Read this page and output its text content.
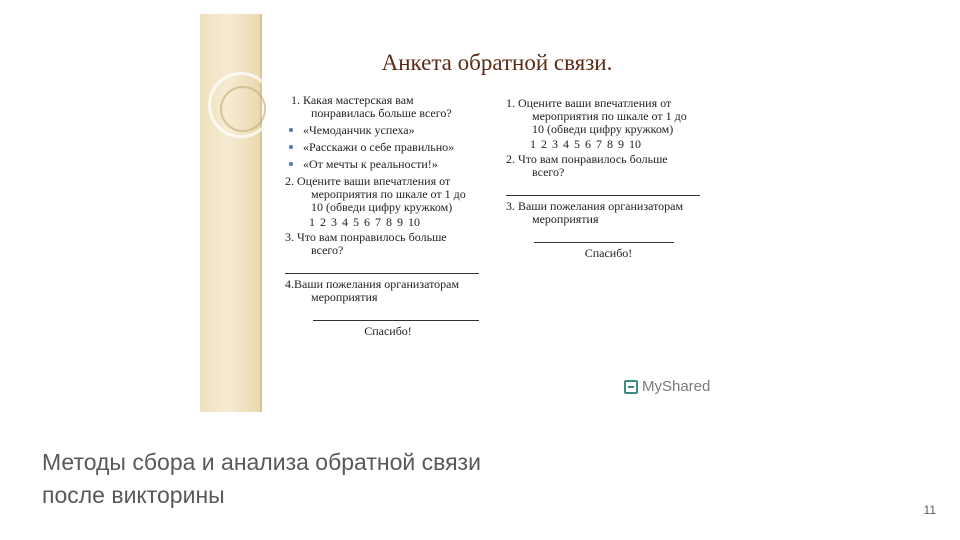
Анкета обратной связи.
1. Какая мастерская вам
понравилась больше всего?
«Чемоданчик успеха»
«Расскажи о себе правильно»
«От мечты к реальности!»
2. Оцените ваши впечатления от
мероприятия по шкале от 1 до
10 (обведи цифру кружком)
1 2 3 4 5 6 7 8 9 10
3. Что вам понравилось больше
всего?
4.Ваши пожелания организаторам
мероприятия
Спасибо!
1. Оцените ваши впечатления от
мероприятия по шкале от 1 до
10 (обведи цифру кружком)
1 2 3 4 5 6 7 8 9 10
2. Что вам понравилось больше
всего?
3. Ваши пожелания организаторам
мероприятия
Спасибо!
MyShared
Методы сбора и анализа обратной связи
после викторины
11
